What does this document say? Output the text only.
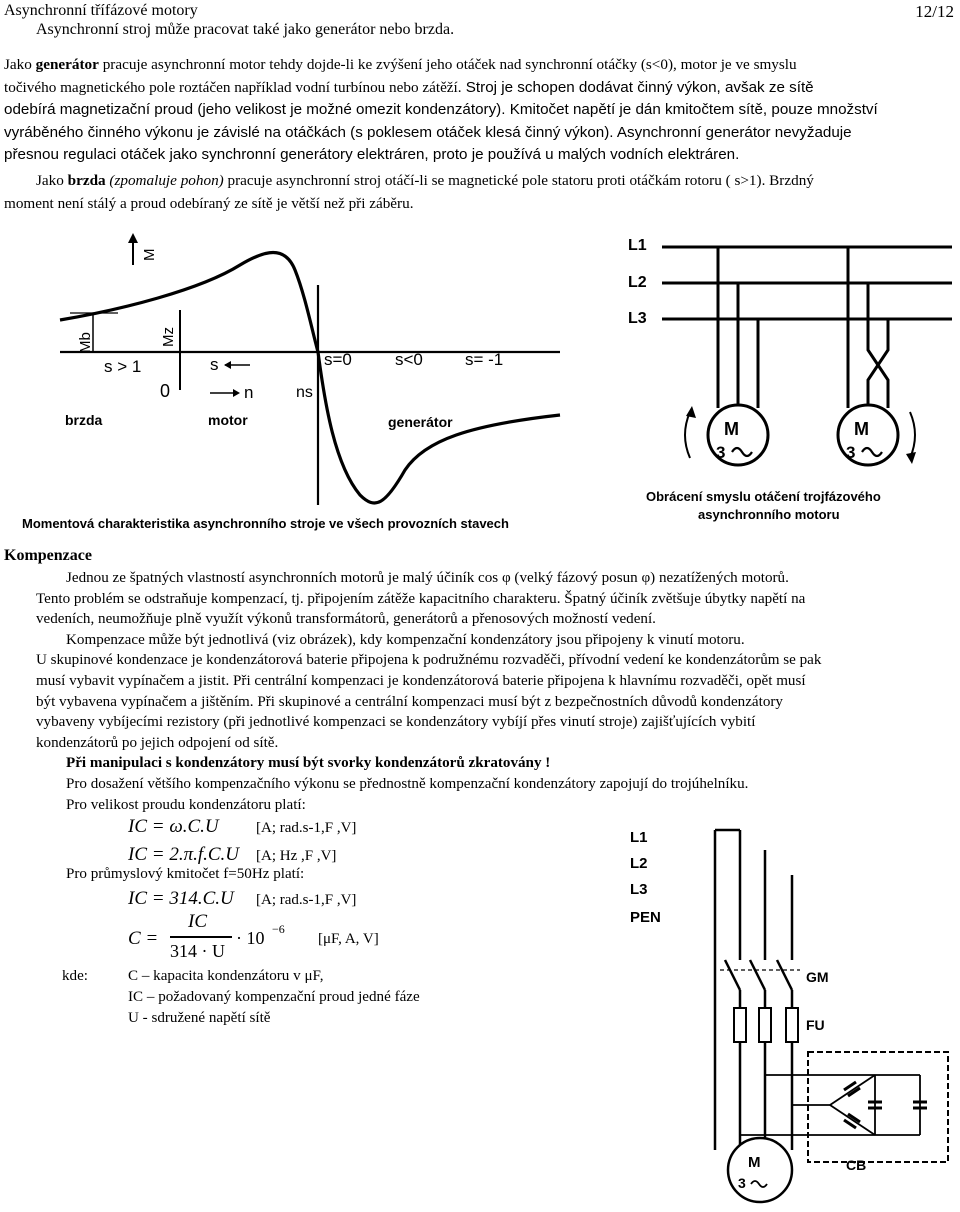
Asynchronní třífázové motory	12/12
Asynchronní stroj může pracovat také jako generátor nebo brzda.
Jako generátor pracuje asynchronní motor tehdy dojde-li ke zvýšení jeho otáček nad synchronní otáčky (s<0), motor je ve smyslu
točivého magnetického pole roztáčen například vodní turbínou nebo zátěží. Stroj je schopen dodávat činný výkon, avšak ze sítě
odebírá magnetizační proud (jeho velikost je možné omezit kondenzátory). Kmitočet napětí je dán kmitočtem sítě, pouze množství
vyráběného činného výkonu je závislé na otáčkách (s poklesem otáček klesá činný výkon). Asynchronní generátor nevyžaduje
přesnou regulaci otáček jako synchronní generátory elektráren, proto je používá u malých vodních elektráren.
Jako brzda (zpomaluje pohon) pracuje asynchronní stroj otáčí-li se magnetické pole statoru proti otáčkám rotoru ( s>1). Brzdný
moment není stálý a proud odebíraný ze sítě je větší než při záběru.
M
Mb	Mz
s > 1
0
s
n	ns
s=0	s<0 s= -1
brzda	motor	generátor
Momentová charakteristika asynchronního stroje ve všech provozních stavech
L1
L2
L3
M
3
M
3
Obrácení smyslu otáčení trojfázového
asynchronního motoru
Kompenzace
Jednou ze špatných vlastností asynchronních motorů je malý účiník cos φ (velký fázový posun φ) nezatížených motorů.
Tento problém se odstraňuje kompenzací, tj. připojením zátěže kapacitního charakteru. Špatný účiník zvětšuje úbytky napětí na
vedeních, neumožňuje plně využít výkonů transformátorů, generátorů a přenosových možností vedení.
Kompenzace může být jednotlivá (viz obrázek), kdy kompenzační kondenzátory jsou připojeny k vinutí motoru.
U skupinové kondenzace je kondenzátorová baterie připojena k podružnému rozvaděči, přívodní vedení ke kondenzátorům se pak
musí vybavit vypínačem a jistit. Při centrální kompenzaci je kondenzátorová baterie připojena k hlavnímu rozvaděči, opět musí
být vybavena vypínačem a jištěním. Při skupinové a centrální kompenzaci musí být z bezpečnostních důvodů kondenzátory
vybaveny vybíjecími rezistory (při jednotlivé kompenzaci se kondenzátory vybíjí přes vinutí stroje) zajišťujících vybití
kondenzátorů po jejich odpojení od sítě.
Při manipulaci s kondenzátory musí být svorky kondenzátorů zkratovány !
Pro dosažení většího kompenzačního výkonu se přednostně kompenzační kondenzátory zapojují do trojúhelníku.
Pro velikost proudu kondenzátoru platí:
IC = ω.C.U [A; rad.s-1,F ,V]
IC = 2.π.f.C.U [A; Hz ,F ,V]
Pro průmyslový kmitočet f=50Hz platí:
IC = 314.C.U [A; rad.s-1,F ,V]
C =
IC
314 · U
· 10 −6
[μF, A, V]
kde:	C – kapacita kondenzátoru v μF,
IC – požadovaný kompenzační proud jedné fáze
U - sdružené napětí sítě
L1
L2
L3
PEN
GM
FU
M
3
CB
